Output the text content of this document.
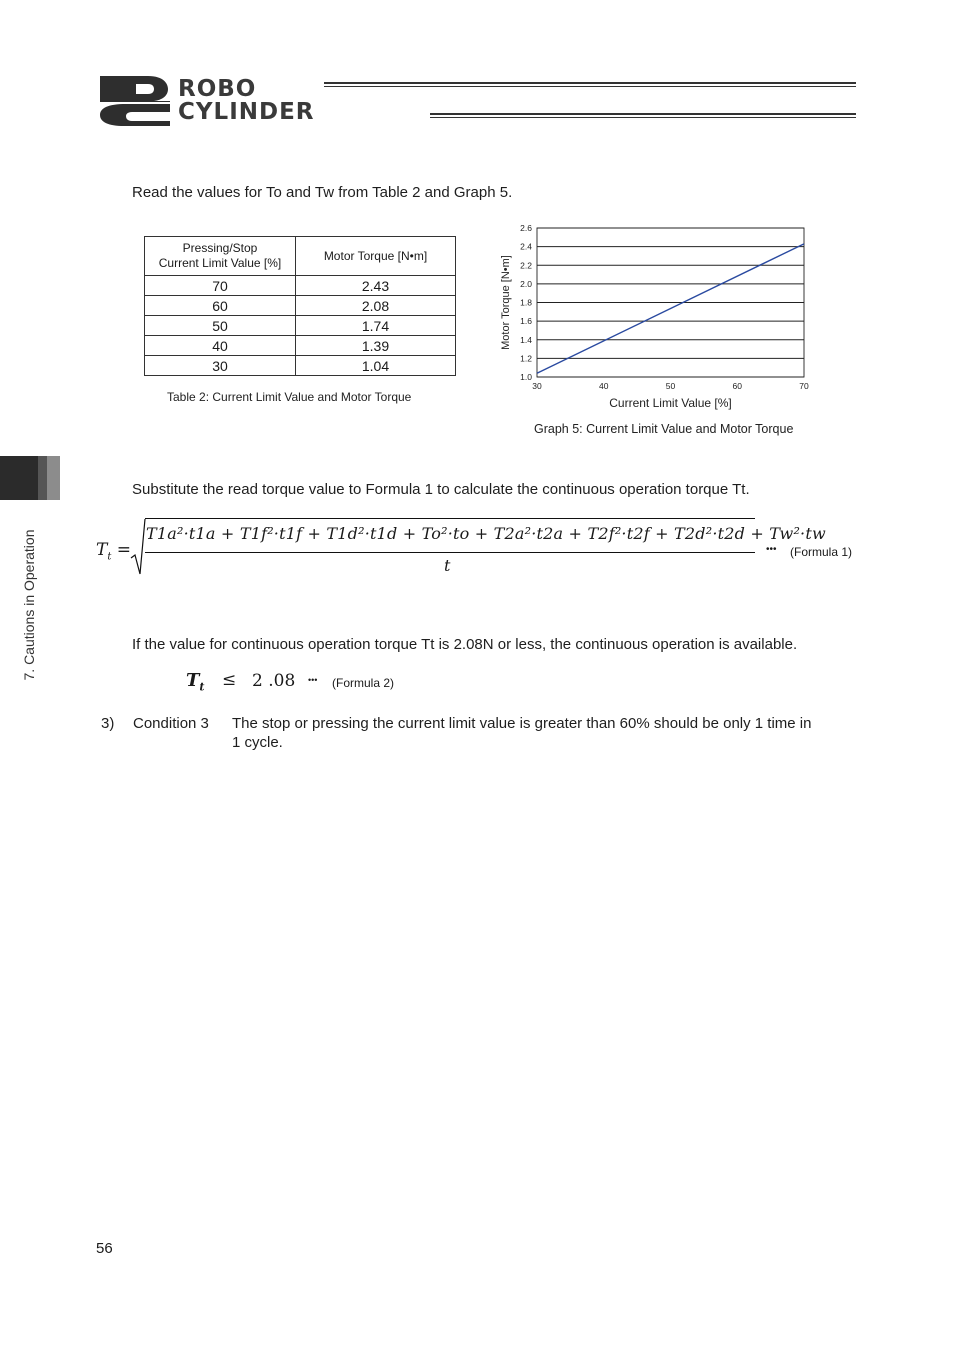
ROBO
CYLINDER
7. Cautions in Operation
Read the values for To and Tw from Table 2 and Graph 5.
Pressing/Stop
Current Limit Value [%]	Motor Torque [N•m]
70	2.43
60	2.08
50	1.74
40	1.39
30	1.04
Table 2: Current Limit Value and Motor Torque
1.0
1.2
1.4
1.6
1.8
2.0
2.2
2.4
2.6
30	40	50	60	70
Current Limit Value [%]
Motor Torque [N•m]
Graph 5: Current Limit Value and Motor Torque
Substitute the read torque value to Formula 1 to calculate the continuous operation torque Tt.
$T_t$ =
T1a²·t1a + T1f²·t1f + T1d²·t1d + To²·to + T2a²·t2a + T2f²·t2f + T2d²·t2d + Tw²·tw
t
••• (Formula 1)
If the value for continuous operation torque Tt is 2.08N or less, the continuous operation is available.
$T_t \le 2$ .08 ••• (Formula 2)
3) Condition 3 The stop or pressing the current limit value is greater than 60% should be only 1 time in
1 cycle.
56
